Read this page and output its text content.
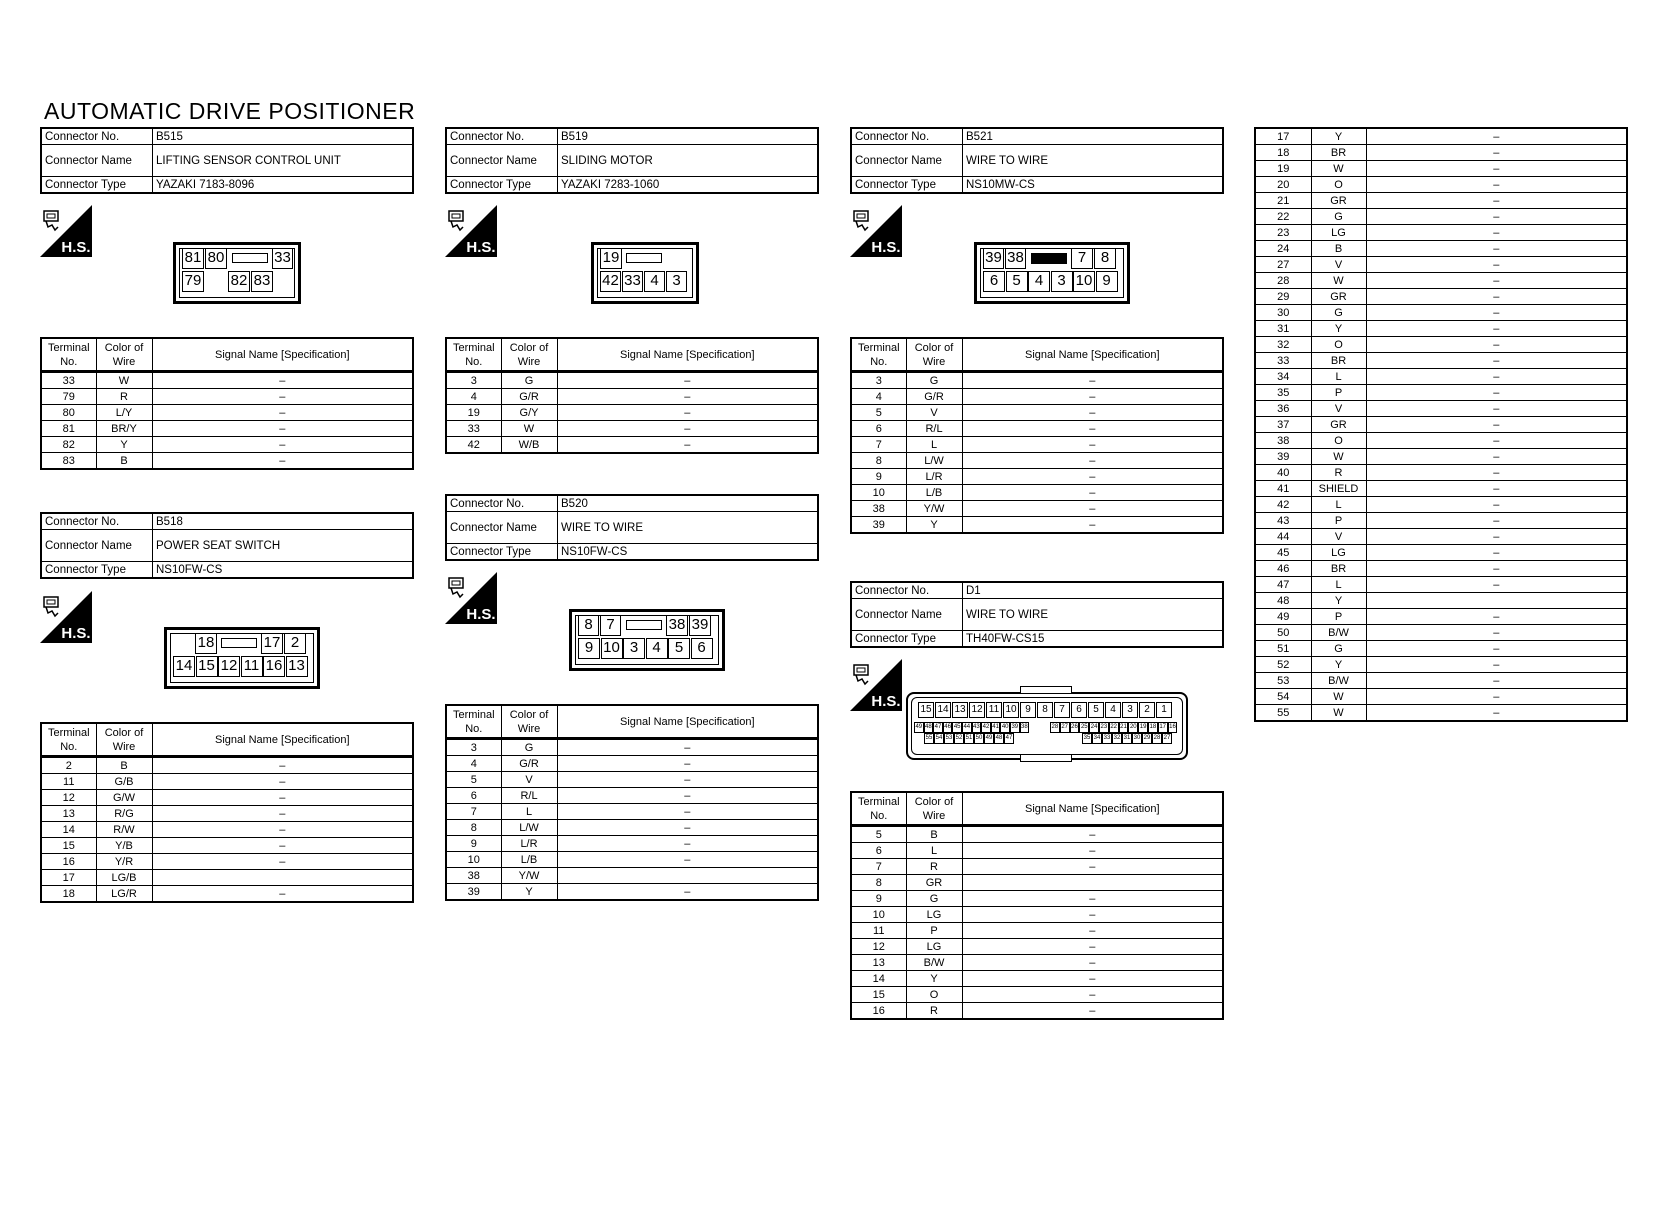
AUTOMATIC DRIVE POSITIONER
Connector No.	B515
Connector Name	LIFTING SENSOR CONTROL UNIT
Connector Type	YAZAKI 7183-8096
Terminal No.	Color of Wire	Signal Name [Specification]
33	W	–
79	R	–
80	L/Y	–
81	BR/Y	–
82	Y	–
83	B	–
Connector No.	B518
Connector Name	POWER SEAT SWITCH
Connector Type	NS10FW-CS
Terminal No.	Color of Wire	Signal Name [Specification]
2	B	–
11	G/B	–
12	G/W	–
13	R/G	–
14	R/W	–
15	Y/B	–
16	Y/R	–
17	LG/B	
18	LG/R	–
Connector No.	B519
Connector Name	SLIDING MOTOR
Connector Type	YAZAKI 7283-1060
Terminal No.	Color of Wire	Signal Name [Specification]
3	G	–
4	G/R	–
19	G/Y	–
33	W	–
42	W/B	–
Connector No.	B520
Connector Name	WIRE TO WIRE
Connector Type	NS10FW-CS
Terminal No.	Color of Wire	Signal Name [Specification]
3	G	–
4	G/R	–
5	V	–
6	R/L	–
7	L	–
8	L/W	–
9	L/R	–
10	L/B	–
38	Y/W	
39	Y	–
Connector No.	B521
Connector Name	WIRE TO WIRE
Connector Type	NS10MW-CS
Terminal No.	Color of Wire	Signal Name [Specification]
3	G	–
4	G/R	–
5	V	–
6	R/L	–
7	L	–
8	L/W	–
9	L/R	–
10	L/B	–
38	Y/W	–
39	Y	–
Connector No.	D1
Connector Name	WIRE TO WIRE
Connector Type	TH40FW-CS15
Terminal No.	Color of Wire	Signal Name [Specification]
5	B	–
6	L	–
7	R	–
8	GR	
9	G	–
10	LG	–
11	P	–
12	LG	–
13	B/W	–
14	Y	–
15	O	–
16	R	–
17	Y	–
18	BR	–
19	W	–
20	O	–
21	GR	–
22	G	–
23	LG	–
24	B	–
27	V	–
28	W	–
29	GR	–
30	G	–
31	Y	–
32	O	–
33	BR	–
34	L	–
35	P	–
36	V	–
37	GR	–
38	O	–
39	W	–
40	R	–
41	SHIELD	–
42	L	–
43	P	–
44	V	–
45	LG	–
46	BR	–
47	L	–
48	Y	
49	P	–
50	B/W	–
51	G	–
52	Y	–
53	B/W	–
54	W	–
55	W	–
H.S.
H.S.
H.S.
H.S.
H.S.
H.S.
81 80	33
79 82 83
18	17 2
14 15 12 11 16 13
19
42 33 4 3
8 7	38 39
9 10 3 4 5 6
39 38	7 8
6 5 4 3 10 9
15 14 13 12 11 10 9	8	7	6	5	4	3	2	1
49 48 47 46 45 44 43 42 41 40 39 38	28 27 26 25 24 23 22 21 20 19 18 17 16
55 54 53 52 51 50 49 48 47	35 34 33 32 31 30 29 28 27
